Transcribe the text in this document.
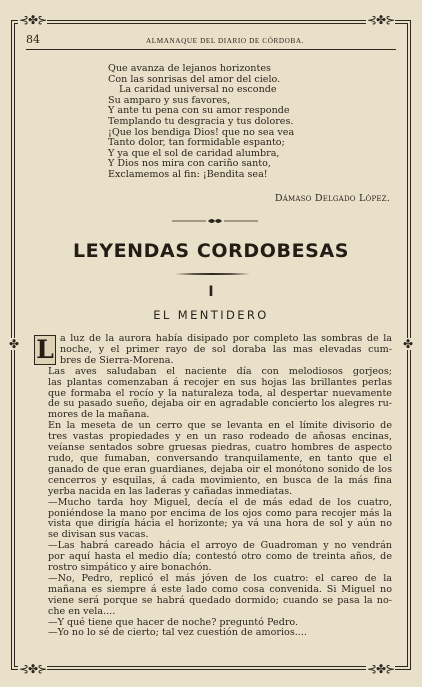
⊰✤⊱	⊰✤⊱
⊰✤⊱	⊰✤⊱
✤	✤
84	ALMANAQUE DEL DIARIO DE CÓRDOBA.
Que avanza de lejanos horizontes
Con las sonrisas del amor del cielo.
La caridad universal no esconde
Su amparo y sus favores,
Y ante tu pena con su amor responde
Templando tu desgracia y tus dolores.
¡Que los bendiga Dios! que no sea vea
Tanto dolor, tan formidable espanto;
Y ya que el sol de caridad alumbra,
Y Dios nos mira con cariño santo,
Exclamemos al fin: ¡Bendita sea!
Dámaso Delgado López.
LEYENDAS CORDOBESAS
I
EL MENTIDERO
L a luz de la aurora había disipado por completo las sombras de la
noche, y el primer rayo de sol doraba las mas elevadas cum-
bres de Sierra-Morena.

Las aves saludaban el naciente día con melodiosos gorjeos;
las plantas comenzaban á recojer en sus hojas las brillantes perlas
que formaba el rocío y la naturaleza toda, al despertar nuevamente
de su pasado sueño, dejaba oir en agradable concierto los alegres ru-
mores de la mañana.

En la meseta de un cerro que se levanta en el límite divisorio de
tres vastas propiedades y en un raso rodeado de añosas encinas,
veíanse sentados sobre gruesas piedras, cuatro hombres de aspecto
rudo, que fumaban, conversando tranquilamente, en tanto que el
ganado de que eran guardianes, dejaba oir el monótono sonido de los
cencerros y esquilas, á cada movimiento, en busca de la más fina
yerba nacida en las laderas y cañadas inmediatas.

—Mucho tarda hoy Miguel, decía el de más edad de los cuatro,
poniéndose la mano por encima de los ojos como para recojer más la
vista que dirigía hácia el horizonte; ya vá una hora de sol y aún no
se divisan sus vacas.

—Las habrá careado hácia el arroyo de Guadroman y no vendrán
por aquí hasta el medio día; contestó otro como de treinta años, de
rostro simpático y aire bonachón.

—No, Pedro, replicó el más jóven de los cuatro: el careo de la
mañana es siempre á este lado como cosa convenida. Si Miguel no
viene será porque se habrá quedado dormido; cuando se pasa la no-
che en vela....

—Y qué tiene que hacer de noche? preguntó Pedro.

—Yo no lo sé de cierto; tal vez cuestión de amorios....
